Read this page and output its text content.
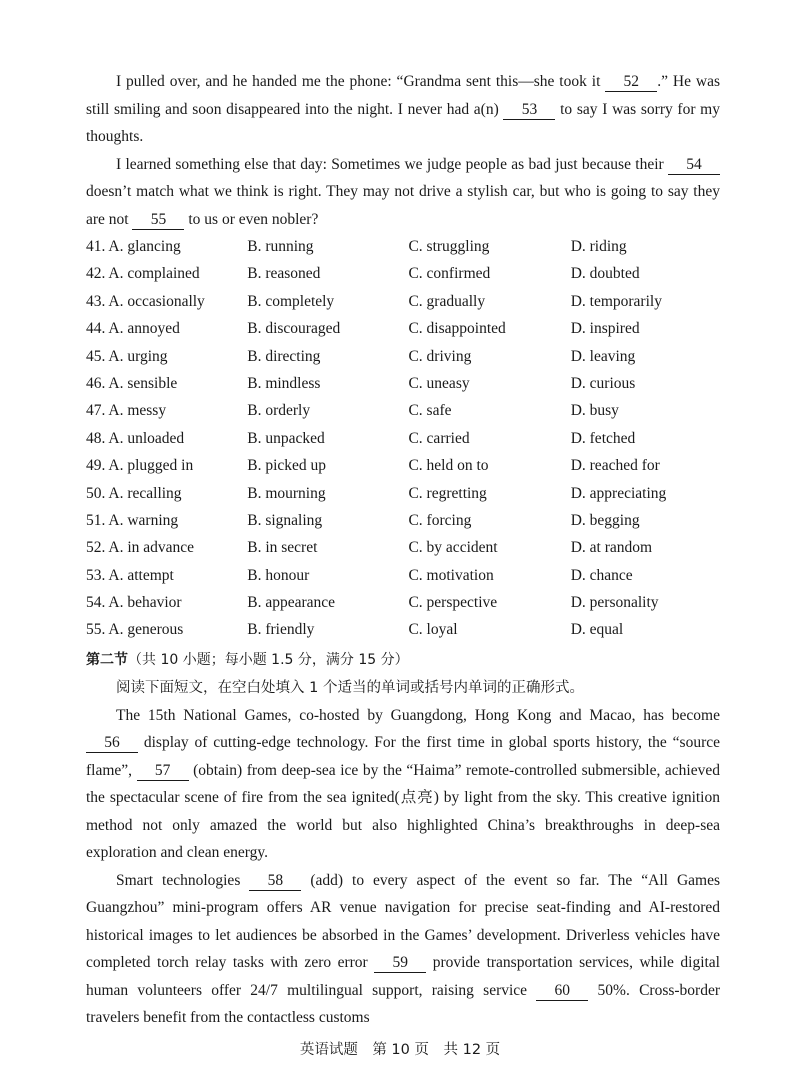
I pulled over, and he handed me the phone: “Grandma sent this—she took it 52 .” He was still smiling and soon disappeared into the night. I never had a(n) 53 to say I was sorry for my thoughts.

I learned something else that day: Sometimes we judge people as bad just because their 54 doesn’t match what we think is right. They may not drive a stylish car, but who is going to say they are not 55 to us or even nobler?

41. A. glancing	B. running	C. struggling	D. riding
42. A. complained	B. reasoned	C. confirmed	D. doubted
43. A. occasionally	B. completely	C. gradually	D. temporarily
44. A. annoyed	B. discouraged	C. disappointed	D. inspired
45. A. urging	B. directing	C. driving	D. leaving
46. A. sensible	B. mindless	C. uneasy	D. curious
47. A. messy	B. orderly	C. safe	D. busy
48. A. unloaded	B. unpacked	C. carried	D. fetched
49. A. plugged in	B. picked up	C. held on to	D. reached for
50. A. recalling	B. mourning	C. regretting	D. appreciating
51. A. warning	B. signaling	C. forcing	D. begging
52. A. in advance	B. in secret	C. by accident	D. at random
53. A. attempt	B. honour	C. motivation	D. chance
54. A. behavior	B. appearance	C. perspective	D. personality
55. A. generous	B. friendly	C. loyal	D. equal
第二节（共 10 小题；每小题 1.5 分，满分 15 分）

阅读下面短文，在空白处填入 1 个适当的单词或括号内单词的正确形式。

The 15th National Games, co-hosted by Guangdong, Hong Kong and Macao, has become 56 display of cutting-edge technology. For the first time in global sports history, the “source flame”, 57 (obtain) from deep-sea ice by the “Haima” remote-controlled submersible, achieved the spectacular scene of fire from the sea ignited(点亮) by light from the sky. This creative ignition method not only amazed the world but also highlighted China’s breakthroughs in deep-sea exploration and clean energy.

Smart technologies 58 (add) to every aspect of the event so far. The “All Games Guangzhou” mini-program offers AR venue navigation for precise seat-finding and AI-restored historical images to let audiences be absorbed in the Games’ development. Driverless vehicles have completed torch relay tasks with zero error 59 provide transportation services, while digital human volunteers offer 24/7 multilingual support, raising service 60 50%. Cross-border travelers benefit from the contactless customs

英语试题　第 10 页　共 12 页
